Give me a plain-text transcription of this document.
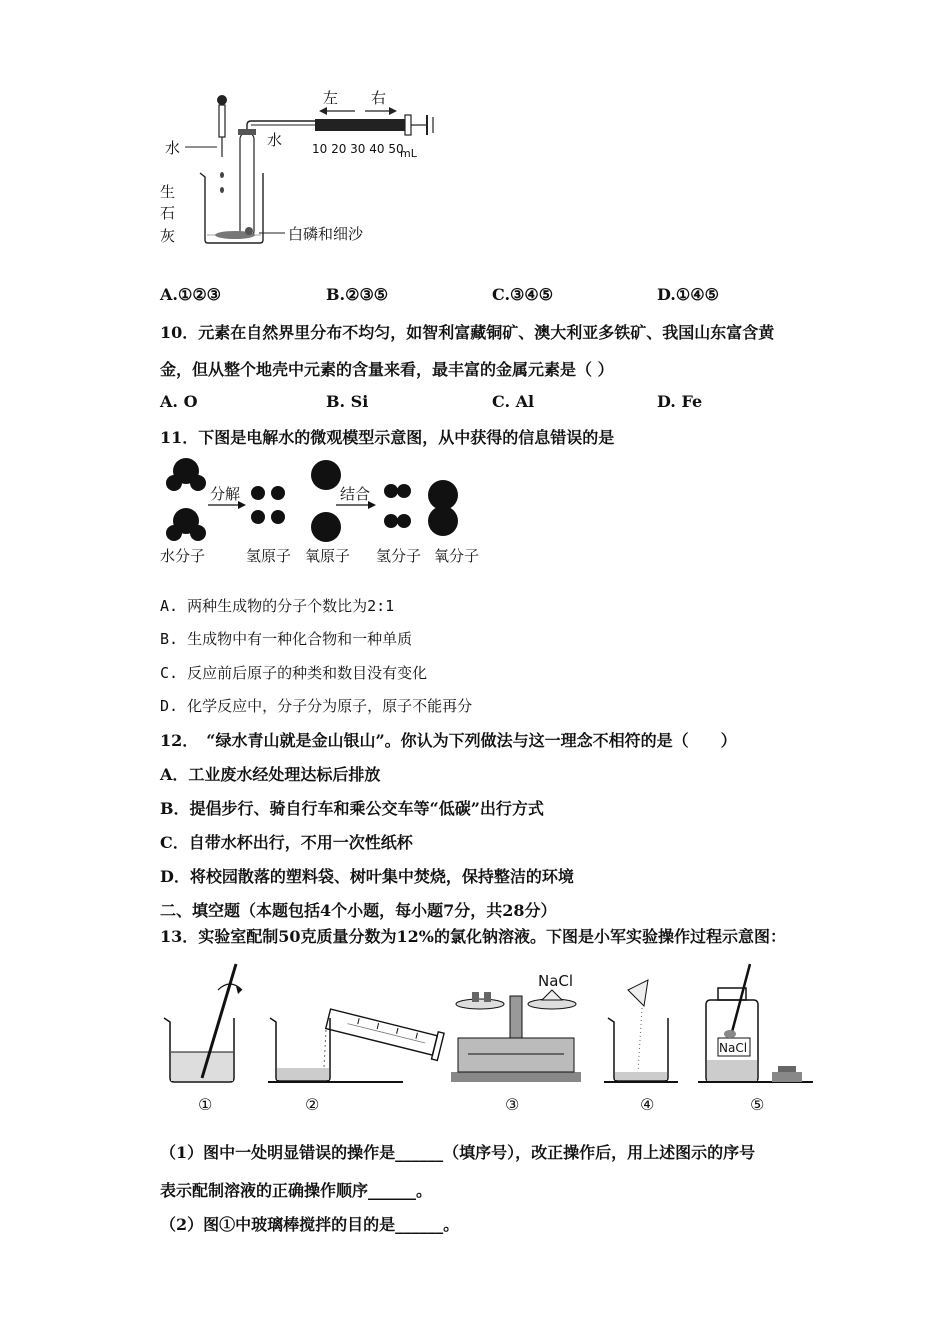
左 右
水	水 10 20 30 40 50
mL
生
石
灰	白磷和细沙
A.①②③	B.②③⑤	C.③④⑤	D.①④⑤
10．元素在自然界里分布不均匀，如智利富藏铜矿、澳大利亚多铁矿、我国山东富含黄
金，但从整个地壳中元素的含量来看，最丰富的金属元素是（ ）
A. O	B. Si	C. Al	D. Fe
11．下图是电解水的微观模型示意图，从中获得的信息错误的是
分解	结合
水分子	氢原子 氧原子 氢分子 氧分子
A. 两种生成物的分子个数比为2:1
B. 生成物中有一种化合物和一种单质
C. 反应前后原子的种类和数目没有变化
D. 化学反应中，分子分为原子，原子不能再分
12．　“绿水青山就是金山银山”。你认为下列做法与这一理念不相符的是（　　）
A．工业废水经处理达标后排放
B．提倡步行、骑自行车和乘公交车等“低碳”出行方式
C．自带水杯出行，不用一次性纸杯
D．将校园散落的塑料袋、树叶集中焚烧，保持整洁的环境
二、填空题（本题包括4个小题，每小题7分，共28分）
13．实验室配制50克质量分数为12%的氯化钠溶液。下图是小军实验操作过程示意图：
NaCl
NaCl
①	②	③	④	⑤
（1）图中一处明显错误的操作是______（填序号），改正操作后，用上述图示的序号
表示配制溶液的正确操作顺序______。
（2）图①中玻璃棒搅拌的目的是______。
